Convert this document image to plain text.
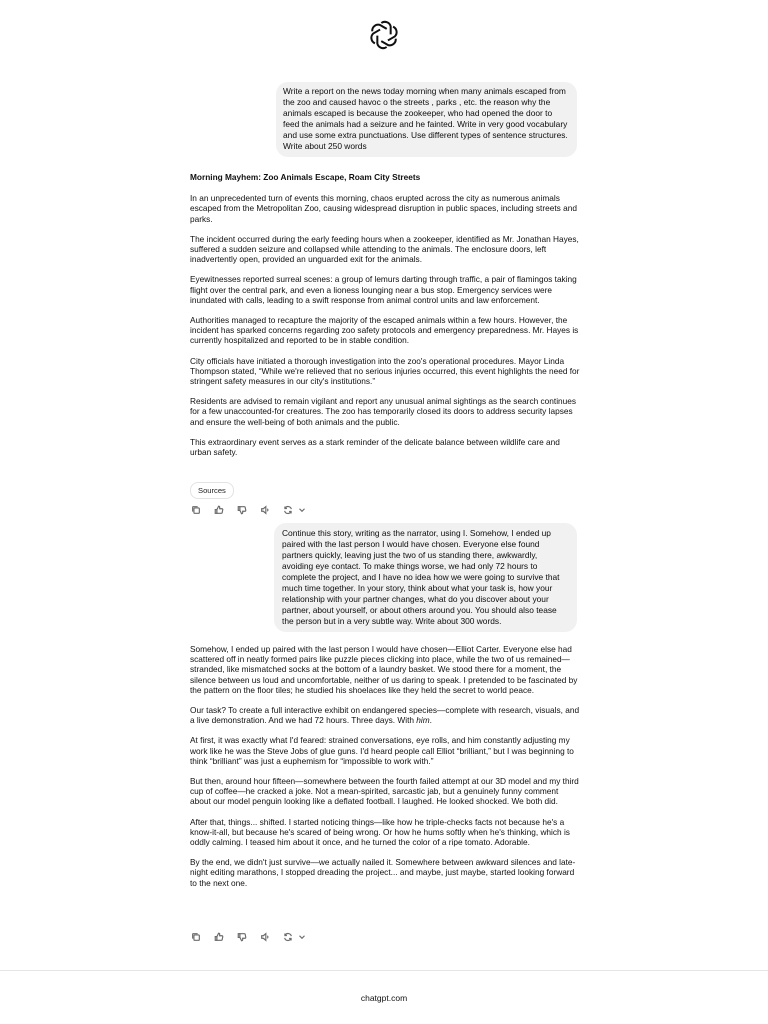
Write a report on the news today morning when many animals escaped from the zoo and caused havoc o the streets , parks , etc. the reason why the animals escaped is because the zookeeper, who had opened the door to feed the animals had a seizure and he fainted. Write in very good vocabulary and use some extra punctuations. Use different types of sentence structures. Write about 250 words

Morning Mayhem: Zoo Animals Escape, Roam City Streets

In an unprecedented turn of events this morning, chaos erupted across the city as numerous animals escaped from the Metropolitan Zoo, causing widespread disruption in public spaces, including streets and parks.

The incident occurred during the early feeding hours when a zookeeper, identified as Mr. Jonathan Hayes, suffered a sudden seizure and collapsed while attending to the animals. The enclosure doors, left inadvertently open, provided an unguarded exit for the animals.

Eyewitnesses reported surreal scenes: a group of lemurs darting through traffic, a pair of flamingos taking flight over the central park, and even a lioness lounging near a bus stop. Emergency services were inundated with calls, leading to a swift response from animal control units and law enforcement.

Authorities managed to recapture the majority of the escaped animals within a few hours. However, the incident has sparked concerns regarding zoo safety protocols and emergency preparedness. Mr. Hayes is currently hospitalized and reported to be in stable condition.

City officials have initiated a thorough investigation into the zoo's operational procedures. Mayor Linda Thompson stated, “While we're relieved that no serious injuries occurred, this event highlights the need for stringent safety measures in our city's institutions.”

Residents are advised to remain vigilant and report any unusual animal sightings as the search continues for a few unaccounted-for creatures. The zoo has temporarily closed its doors to address security lapses and ensure the well-being of both animals and the public.

This extraordinary event serves as a stark reminder of the delicate balance between wildlife care and urban safety.

Sources
Continue this story, writing as the narrator, using I. Somehow, I ended up paired with the last person I would have chosen. Everyone else found partners quickly, leaving just the two of us standing there, awkwardly, avoiding eye contact. To make things worse, we had only 72 hours to complete the project, and I have no idea how we were going to survive that much time together. In your story, think about what your task is, how your relationship with your partner changes, what do you discover about your partner, about yourself, or about others around you. You should also tease the person but in a very subtle way. Write about 300 words.

Somehow, I ended up paired with the last person I would have chosen—Elliot Carter. Everyone else had scattered off in neatly formed pairs like puzzle pieces clicking into place, while the two of us remained—stranded, like mismatched socks at the bottom of a laundry basket. We stood there for a moment, the silence between us loud and uncomfortable, neither of us daring to speak. I pretended to be fascinated by the pattern on the floor tiles; he studied his shoelaces like they held the secret to world peace.

Our task? To create a full interactive exhibit on endangered species—complete with research, visuals, and a live demonstration. And we had 72 hours. Three days. With him.

At first, it was exactly what I'd feared: strained conversations, eye rolls, and him constantly adjusting my work like he was the Steve Jobs of glue guns. I'd heard people call Elliot “brilliant,” but I was beginning to think “brilliant” was just a euphemism for “impossible to work with.”

But then, around hour fifteen—somewhere between the fourth failed attempt at our 3D model and my third cup of coffee—he cracked a joke. Not a mean-spirited, sarcastic jab, but a genuinely funny comment about our model penguin looking like a deflated football. I laughed. He looked shocked. We both did.

After that, things... shifted. I started noticing things—like how he triple-checks facts not because he's a know-it-all, but because he's scared of being wrong. Or how he hums softly when he's thinking, which is oddly calming. I teased him about it once, and he turned the color of a ripe tomato. Adorable.

By the end, we didn't just survive—we actually nailed it. Somewhere between awkward silences and late-night editing marathons, I stopped dreading the project... and maybe, just maybe, started looking forward to the next one.

chatgpt.com
